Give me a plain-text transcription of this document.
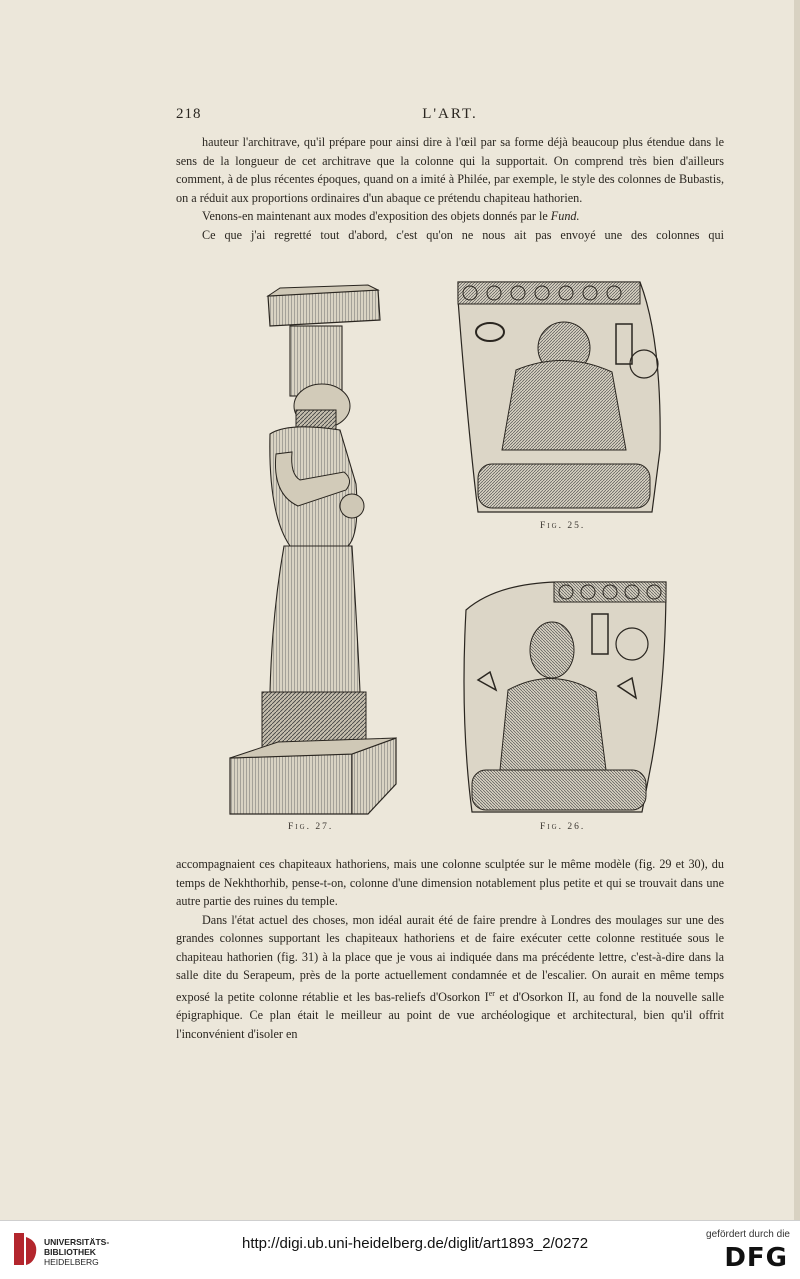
218	L'ART.

hauteur l'architrave, qu'il prépare pour ainsi dire à l'œil par sa forme déjà beaucoup plus étendue dans le sens de la longueur de cet architrave que la colonne qui la supportait. On comprend très bien d'ailleurs comment, à de plus récentes époques, quand on a imité à Philée, par exemple, le style des colonnes de Bubastis, on a réduit aux proportions ordinaires d'un abaque ce prétendu chapiteau hathorien.

Venons-en maintenant aux modes d'exposition des objets donnés par le Fund.

Ce que j'ai regretté tout d'abord, c'est qu'on ne nous ait pas envoyé une des colonnes qui

Fig. 25.
Fig. 27.	Fig. 26.

accompagnaient ces chapiteaux hathoriens, mais une colonne sculptée sur le même modèle (fig. 29 et 30), du temps de Nekhthorhib, pense-t-on, colonne d'une dimension notablement plus petite et qui se trouvait dans une autre partie des ruines du temple.

Dans l'état actuel des choses, mon idéal aurait été de faire prendre à Londres des moulages sur une des grandes colonnes supportant les chapiteaux hathoriens et de faire exécuter cette colonne restituée sous le chapiteau hathorien (fig. 31) à la place que je vous ai indiquée dans ma précédente lettre, c'est-à-dire dans la salle dite du Serapeum, près de la porte actuellement condamnée et de l'escalier. On aurait en même temps exposé la petite colonne rétablie et les bas-reliefs d'Osorkon Ier et d'Osorkon II, au fond de la nouvelle salle épigraphique. Ce plan était le meilleur au point de vue archéologique et architectural, bien qu'il offrit l'inconvénient d'isoler en

UNIVERSITÄTS-
BIBLIOTHEK
HEIDELBERG
http://digi.ub.uni-heidelberg.de/diglit/art1893_2/0272
gefördert durch die
DFG
